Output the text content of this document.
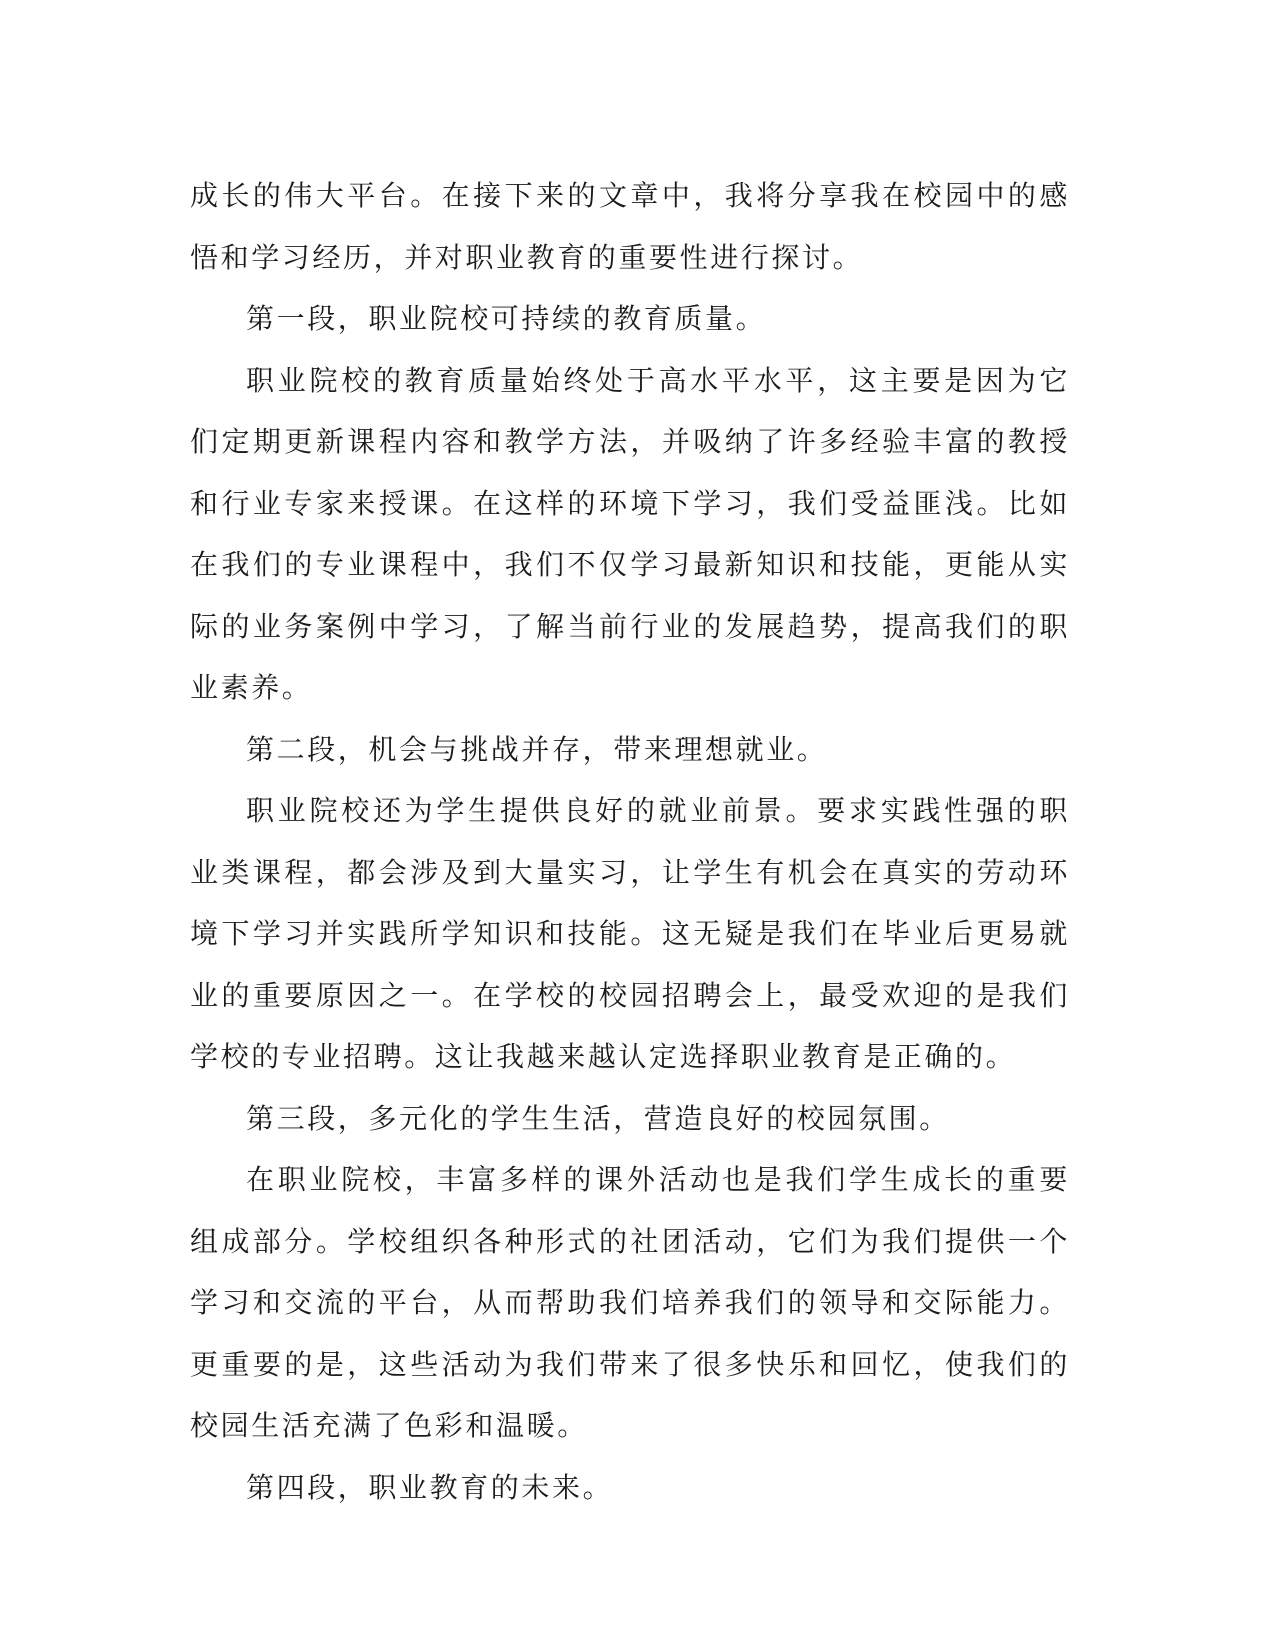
成长的伟大平台。在接下来的文章中，我将分享我在校园中的感悟和学习经历，并对职业教育的重要性进行探讨。

第一段，职业院校可持续的教育质量。

职业院校的教育质量始终处于高水平水平，这主要是因为它们定期更新课程内容和教学方法，并吸纳了许多经验丰富的教授和行业专家来授课。在这样的环境下学习，我们受益匪浅。比如在我们的专业课程中，我们不仅学习最新知识和技能，更能从实际的业务案例中学习，了解当前行业的发展趋势，提高我们的职业素养。

第二段，机会与挑战并存，带来理想就业。

职业院校还为学生提供良好的就业前景。要求实践性强的职业类课程，都会涉及到大量实习，让学生有机会在真实的劳动环境下学习并实践所学知识和技能。这无疑是我们在毕业后更易就业的重要原因之一。在学校的校园招聘会上，最受欢迎的是我们学校的专业招聘。这让我越来越认定选择职业教育是正确的。

第三段，多元化的学生生活，营造良好的校园氛围。

在职业院校，丰富多样的课外活动也是我们学生成长的重要组成部分。学校组织各种形式的社团活动，它们为我们提供一个学习和交流的平台，从而帮助我们培养我们的领导和交际能力。更重要的是，这些活动为我们带来了很多快乐和回忆，使我们的校园生活充满了色彩和温暖。

第四段，职业教育的未来。
